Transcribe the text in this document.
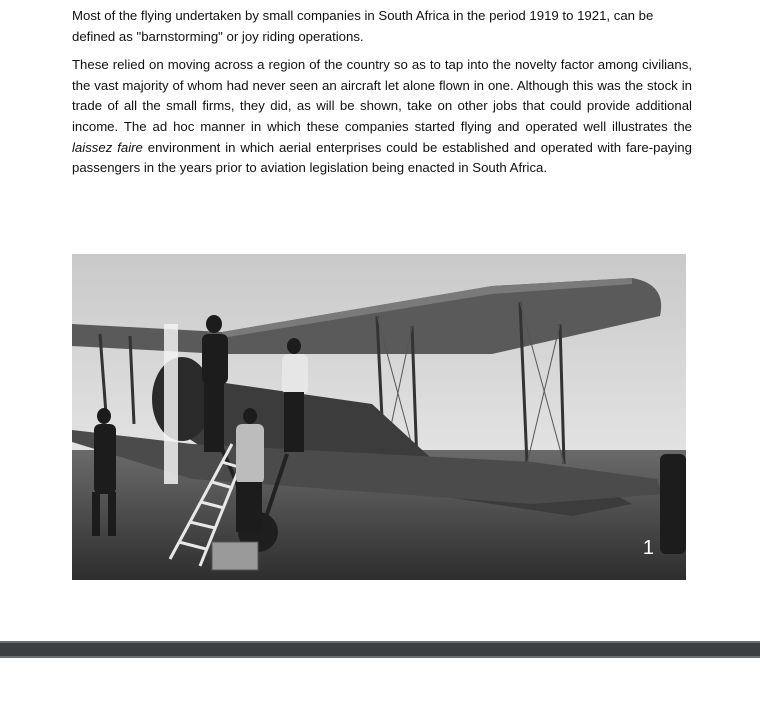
Most of the flying undertaken by small companies in South Africa in the period 1919 to 1921, can be defined as "barnstorming" or joy riding operations.

These relied on moving across a region of the country so as to tap into the novelty factor among civilians, the vast majority of whom had never seen an aircraft let alone flown in one. Although this was the stock in trade of all the small firms, they did, as will be shown, take on other jobs that could provide additional income. The ad hoc manner in which these companies started flying and operated well illustrates the laissez faire environment in which aerial enterprises could be established and operated with fare-paying passengers in the years prior to aviation legislation being enacted in South Africa.

1
